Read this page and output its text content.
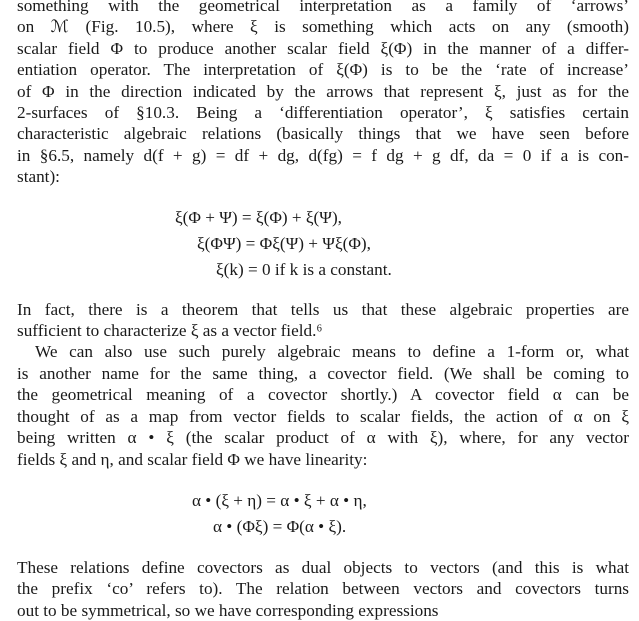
something with the geometrical interpretation as a family of ‘arrows’
on ℳ (Fig. 10.5), where ξ is something which acts on any (smooth)
scalar field Φ to produce another scalar field ξ(Φ) in the manner of a differ-
entiation operator. The interpretation of ξ(Φ) is to be the ‘rate of increase’
of Φ in the direction indicated by the arrows that represent ξ, just as for the
2-surfaces of §10.3. Being a ‘differentiation operator’, ξ satisfies certain
characteristic algebraic relations (basically things that we have seen before
in §6.5, namely d(f + g) = df + dg, d(fg) = f dg + g df, da = 0 if a is con-
stant):

ξ(Φ + Ψ) = ξ(Φ) + ξ(Ψ),
ξ(ΦΨ) = Φξ(Ψ) + Ψξ(Φ),
ξ(k) = 0 if k is a constant.

In fact, there is a theorem that tells us that these algebraic properties are
sufficient to characterize ξ as a vector field.⁶

We can also use such purely algebraic means to define a 1-form or, what
is another name for the same thing, a covector field. (We shall be coming to
the geometrical meaning of a covector shortly.) A covector field α can be
thought of as a map from vector fields to scalar fields, the action of α on ξ
being written α • ξ (the scalar product of α with ξ), where, for any vector
fields ξ and η, and scalar field Φ we have linearity:

α • (ξ + η) = α • ξ + α • η,
α • (Φξ) = Φ(α • ξ).

These relations define covectors as dual objects to vectors (and this is what
the prefix ‘co’ refers to). The relation between vectors and covectors turns
out to be symmetrical, so we have corresponding expressions
